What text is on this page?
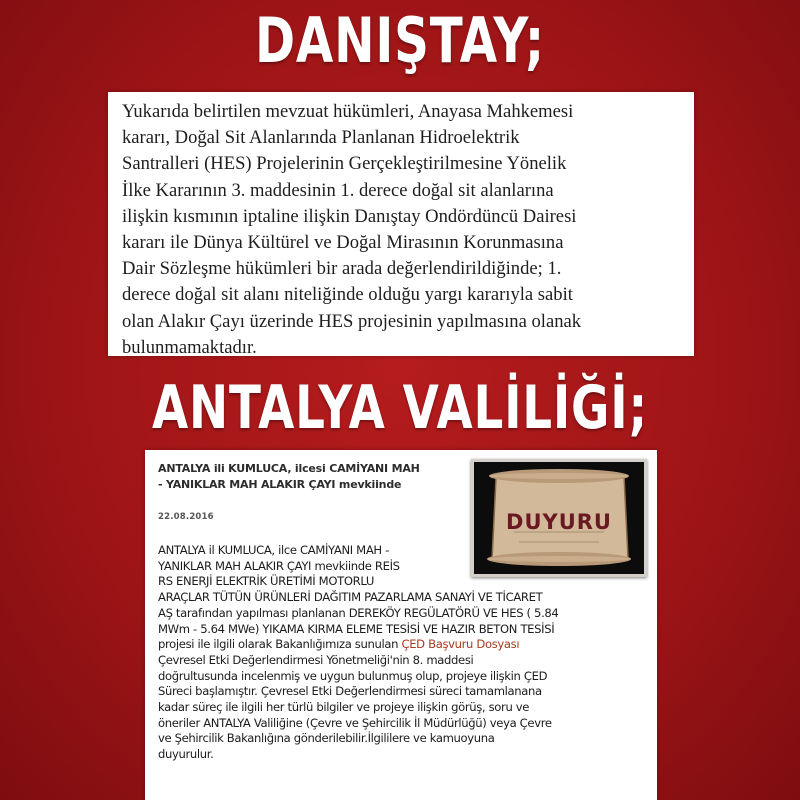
DANIŞTAY;

Yukarıda belirtilen mevzuat hükümleri, Anayasa Mahkemesi

kararı, Doğal Sit Alanlarında Planlanan Hidroelektrik

Santralleri (HES) Projelerinin Gerçekleştirilmesine Yönelik

İlke Kararının 3. maddesinin 1. derece doğal sit alanlarına

ilişkin kısmının iptaline ilişkin Danıştay Ondördüncü Dairesi

kararı ile Dünya Kültürel ve Doğal Mirasının Korunmasına

Dair Sözleşme hükümleri bir arada değerlendirildiğinde; 1.

derece doğal sit alanı niteliğinde olduğu yargı kararıyla sabit

olan Alakır Çayı üzerinde HES projesinin yapılmasına olanak

bulunmamaktadır.

ANTALYA VALİLİĞİ;
ANTALYA ili KUMLUCA, ilcesi CAMİYANI MAH
- YANIKLAR MAH ALAKIR ÇAYI mevkiinde
22.08.2016	DUYURU
ANTALYA il KUMLUCA, ilce CAMİYANI MAH -
YANIKLAR MAH ALAKIR ÇAYI mevkiinde REİS
RS ENERJİ ELEKTRİK ÜRETİMİ MOTORLU
ARAÇLAR TÜTÜN ÜRÜNLERİ DAĞITIM PAZARLAMA SANAYİ VE TİCARET
AŞ tarafından yapılması planlanan DEREKÖY REGÜLATÖRÜ VE HES ( 5.84
MWm - 5.64 MWe) YIKAMA KIRMA ELEME TESİSİ VE HAZIR BETON TESİSİ
projesi ile ilgili olarak Bakanlığımıza sunulan ÇED Başvuru Dosyası
Çevresel Etki Değerlendirmesi Yönetmeliği'nin 8. maddesi
doğrultusunda incelenmiş ve uygun bulunmuş olup, projeye ilişkin ÇED
Süreci başlamıştır. Çevresel Etki Değerlendirmesi süreci tamamlanana
kadar süreç ile ilgili her türlü bilgiler ve projeye ilişkin görüş, soru ve
öneriler ANTALYA Valiliğine (Çevre ve Şehircilik İl Müdürlüğü) veya Çevre
ve Şehircilik Bakanlığına gönderilebilir.İlgililere ve kamuoyuna
duyurulur.
